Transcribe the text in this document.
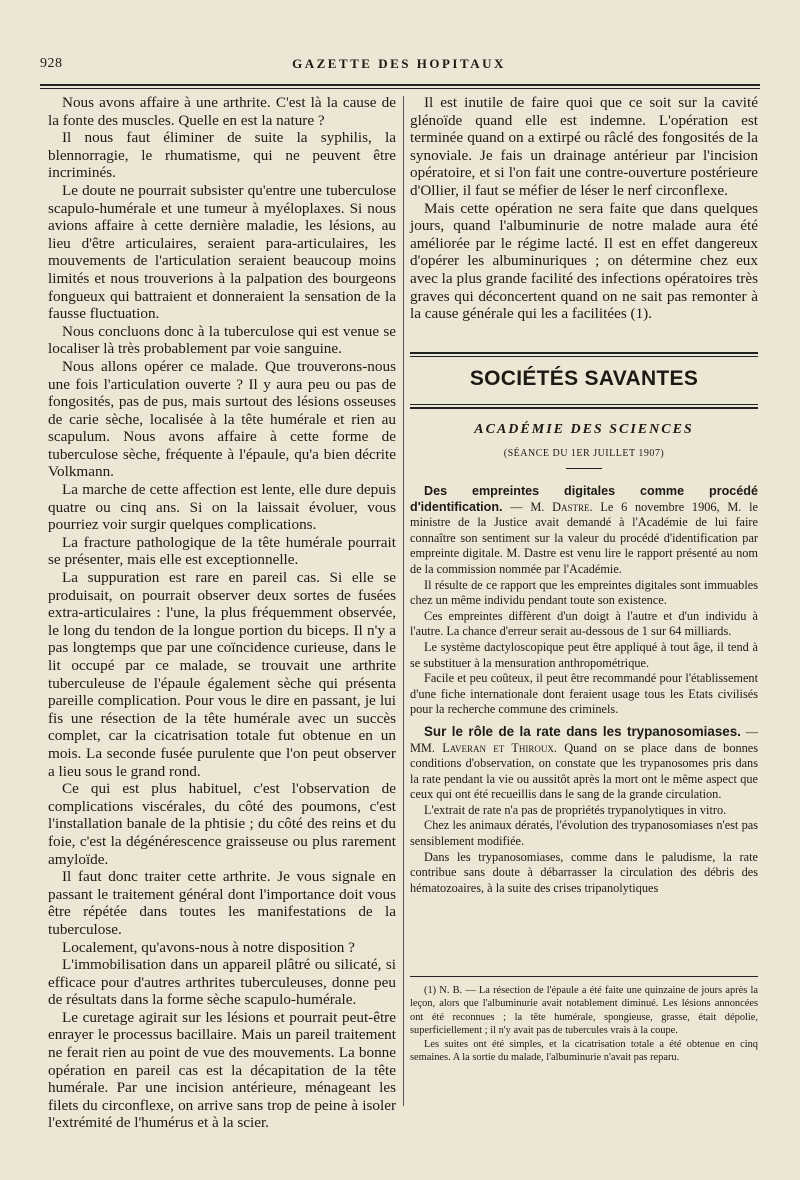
928	GAZETTE DES HOPITAUX

Nous avons affaire à une arthrite. C'est là la cause de la fonte des muscles. Quelle en est la nature ?

Il nous faut éliminer de suite la syphilis, la blennorragie, le rhumatisme, qui ne peuvent être incriminés.

Le doute ne pourrait subsister qu'entre une tuberculose scapulo-humérale et une tumeur à myéloplaxes. Si nous avions affaire à cette dernière maladie, les lésions, au lieu d'être articulaires, seraient para-articulaires, les mouvements de l'articulation seraient beaucoup moins limités et nous trouverions à la palpation des bourgeons fongueux qui battraient et donneraient la sensation de la fausse fluctuation.

Nous concluons donc à la tuberculose qui est venue se localiser là très probablement par voie sanguine.

Nous allons opérer ce malade. Que trouverons-nous une fois l'articulation ouverte ? Il y aura peu ou pas de fongosités, pas de pus, mais surtout des lésions osseuses de carie sèche, localisée à la tête humérale et rien au scapulum. Nous avons affaire à cette forme de tuberculose sèche, fréquente à l'épaule, qu'a bien décrite Volkmann.

La marche de cette affection est lente, elle dure depuis quatre ou cinq ans. Si on la laissait évoluer, vous pourriez voir surgir quelques complications.

La fracture pathologique de la tête humérale pourrait se présenter, mais elle est exceptionnelle.

La suppuration est rare en pareil cas. Si elle se produisait, on pourrait observer deux sortes de fusées extra-articulaires : l'une, la plus fréquemment observée, le long du tendon de la longue portion du biceps. Il n'y a pas longtemps que par une coïncidence curieuse, dans le lit occupé par ce malade, se trouvait une arthrite tuberculeuse de l'épaule également sèche qui présenta pareille complication. Pour vous le dire en passant, je lui fis une résection de la tête humérale avec un succès complet, car la cicatrisation totale fut obtenue en un mois. La seconde fusée purulente que l'on peut observer a lieu sous le grand rond.

Ce qui est plus habituel, c'est l'observation de complications viscérales, du côté des poumons, c'est l'installation banale de la phtisie ; du côté des reins et du foie, c'est la dégénérescence graisseuse ou plus rarement amyloïde.

Il faut donc traiter cette arthrite. Je vous signale en passant le traitement général dont l'importance doit vous être répétée dans toutes les manifestations de la tuberculose.

Localement, qu'avons-nous à notre disposition ?

L'immobilisation dans un appareil plâtré ou silicaté, si efficace pour d'autres arthrites tuberculeuses, donne peu de résultats dans la forme sèche scapulo-humérale.

Le curetage agirait sur les lésions et pourrait peut-être enrayer le processus bacillaire. Mais un pareil traitement ne ferait rien au point de vue des mouvements. La bonne opération en pareil cas est la décapitation de la tête humérale. Par une incision antérieure, ménageant les filets du circonflexe, on arrive sans trop de peine à isoler l'extrémité de l'humérus et à la scier.

Il est inutile de faire quoi que ce soit sur la cavité glénoïde quand elle est indemne. L'opération est terminée quand on a extirpé ou râclé des fongosités de la synoviale. Je fais un drainage antérieur par l'incision opératoire, et si l'on fait une contre-ouverture postérieure d'Ollier, il faut se méfier de léser le nerf circonflexe.

Mais cette opération ne sera faite que dans quelques jours, quand l'albuminurie de notre malade aura été améliorée par le régime lacté. Il est en effet dangereux d'opérer les albuminuriques ; on détermine chez eux avec la plus grande facilité des infections opératoires très graves qui déconcertent quand on ne sait pas remonter à la cause générale qui les a facilitées (1).

SOCIÉTÉS SAVANTES
ACADÉMIE DES SCIENCES
(SÉANCE DU 1ER JUILLET 1907)

Des empreintes digitales comme procédé d'identification. — M. Dastre. Le 6 novembre 1906, M. le ministre de la Justice avait demandé à l'Académie de lui faire connaître son sentiment sur la valeur du procédé d'identification par empreinte digitale. M. Dastre est venu lire le rapport présenté au nom de la commission nommée par l'Académie.

Il résulte de ce rapport que les empreintes digitales sont immuables chez un même individu pendant toute son existence.

Ces empreintes diffèrent d'un doigt à l'autre et d'un individu à l'autre. La chance d'erreur serait au-dessous de 1 sur 64 milliards.

Le système dactyloscopique peut être appliqué à tout âge, il tend à se substituer à la mensuration anthropométrique.

Facile et peu coûteux, il peut être recommandé pour l'établissement d'une fiche internationale dont feraient usage tous les Etats civilisés pour la recherche commune des criminels.

Sur le rôle de la rate dans les trypanosomiases. — MM. Laveran et Thiroux. Quand on se place dans de bonnes conditions d'observation, on constate que les trypanosomes pris dans la rate pendant la vie ou aussitôt après la mort ont le même aspect que ceux qui ont été recueillis dans le sang de la grande circulation.

L'extrait de rate n'a pas de propriétés trypanolytiques in vitro.

Chez les animaux dératés, l'évolution des trypanosomiases n'est pas sensiblement modifiée.

Dans les trypanosomiases, comme dans le paludisme, la rate contribue sans doute à débarrasser la circulation des débris des hématozoaires, à la suite des crises tripanolytiques

(1) N. B. — La résection de l'épaule a été faite une quinzaine de jours après la leçon, alors que l'albuminurie avait notablement diminué. Les lésions annoncées ont été reconnues ; la tête humérale, spongieuse, grasse, était dépolie, superficiellement ; il n'y avait pas de tubercules vrais à la coupe.

Les suites ont été simples, et la cicatrisation totale a été obtenue en cinq semaines. A la sortie du malade, l'albuminurie n'avait pas reparu.
